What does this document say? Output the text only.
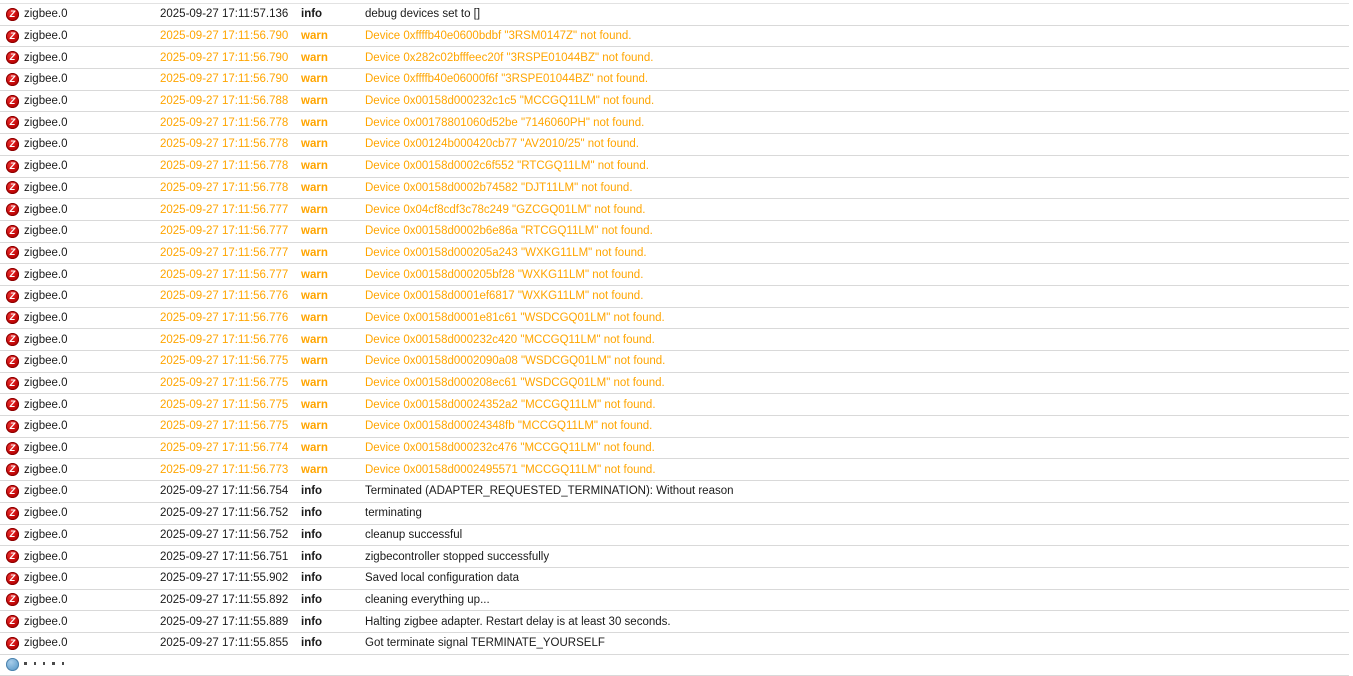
Z zigbee.0	2025-09-27 17:11:57.136	info	debug devices set to []
Z zigbee.0	2025-09-27 17:11:56.790	warn	Device 0xffffb40e0600bdbf "3RSM0147Z" not found.
Z zigbee.0	2025-09-27 17:11:56.790	warn	Device 0x282c02bfffeec20f "3RSPE01044BZ" not found.
Z zigbee.0	2025-09-27 17:11:56.790	warn	Device 0xffffb40e06000f6f "3RSPE01044BZ" not found.
Z zigbee.0	2025-09-27 17:11:56.788	warn	Device 0x00158d000232c1c5 "MCCGQ11LM" not found.
Z zigbee.0	2025-09-27 17:11:56.778	warn	Device 0x00178801060d52be "7146060PH" not found.
Z zigbee.0	2025-09-27 17:11:56.778	warn	Device 0x00124b000420cb77 "AV2010/25" not found.
Z zigbee.0	2025-09-27 17:11:56.778	warn	Device 0x00158d0002c6f552 "RTCGQ11LM" not found.
Z zigbee.0	2025-09-27 17:11:56.778	warn	Device 0x00158d0002b74582 "DJT11LM" not found.
Z zigbee.0	2025-09-27 17:11:56.777	warn	Device 0x04cf8cdf3c78c249 "GZCGQ01LM" not found.
Z zigbee.0	2025-09-27 17:11:56.777	warn	Device 0x00158d0002b6e86a "RTCGQ11LM" not found.
Z zigbee.0	2025-09-27 17:11:56.777	warn	Device 0x00158d000205a243 "WXKG11LM" not found.
Z zigbee.0	2025-09-27 17:11:56.777	warn	Device 0x00158d000205bf28 "WXKG11LM" not found.
Z zigbee.0	2025-09-27 17:11:56.776	warn	Device 0x00158d0001ef6817 "WXKG11LM" not found.
Z zigbee.0	2025-09-27 17:11:56.776	warn	Device 0x00158d0001e81c61 "WSDCGQ01LM" not found.
Z zigbee.0	2025-09-27 17:11:56.776	warn	Device 0x00158d000232c420 "MCCGQ11LM" not found.
Z zigbee.0	2025-09-27 17:11:56.775	warn	Device 0x00158d0002090a08 "WSDCGQ01LM" not found.
Z zigbee.0	2025-09-27 17:11:56.775	warn	Device 0x00158d000208ec61 "WSDCGQ01LM" not found.
Z zigbee.0	2025-09-27 17:11:56.775	warn	Device 0x00158d00024352a2 "MCCGQ11LM" not found.
Z zigbee.0	2025-09-27 17:11:56.775	warn	Device 0x00158d00024348fb "MCCGQ11LM" not found.
Z zigbee.0	2025-09-27 17:11:56.774	warn	Device 0x00158d000232c476 "MCCGQ11LM" not found.
Z zigbee.0	2025-09-27 17:11:56.773	warn	Device 0x00158d0002495571 "MCCGQ11LM" not found.
Z zigbee.0	2025-09-27 17:11:56.754	info	Terminated (ADAPTER_REQUESTED_TERMINATION): Without reason
Z zigbee.0	2025-09-27 17:11:56.752	info	terminating
Z zigbee.0	2025-09-27 17:11:56.752	info	cleanup successful
Z zigbee.0	2025-09-27 17:11:56.751	info	zigbecontroller stopped successfully
Z zigbee.0	2025-09-27 17:11:55.902	info	Saved local configuration data
Z zigbee.0	2025-09-27 17:11:55.892	info	cleaning everything up...
Z zigbee.0	2025-09-27 17:11:55.889	info	Halting zigbee adapter. Restart delay is at least 30 seconds.
Z zigbee.0	2025-09-27 17:11:55.855	info	Got terminate signal TERMINATE_YOURSELF
